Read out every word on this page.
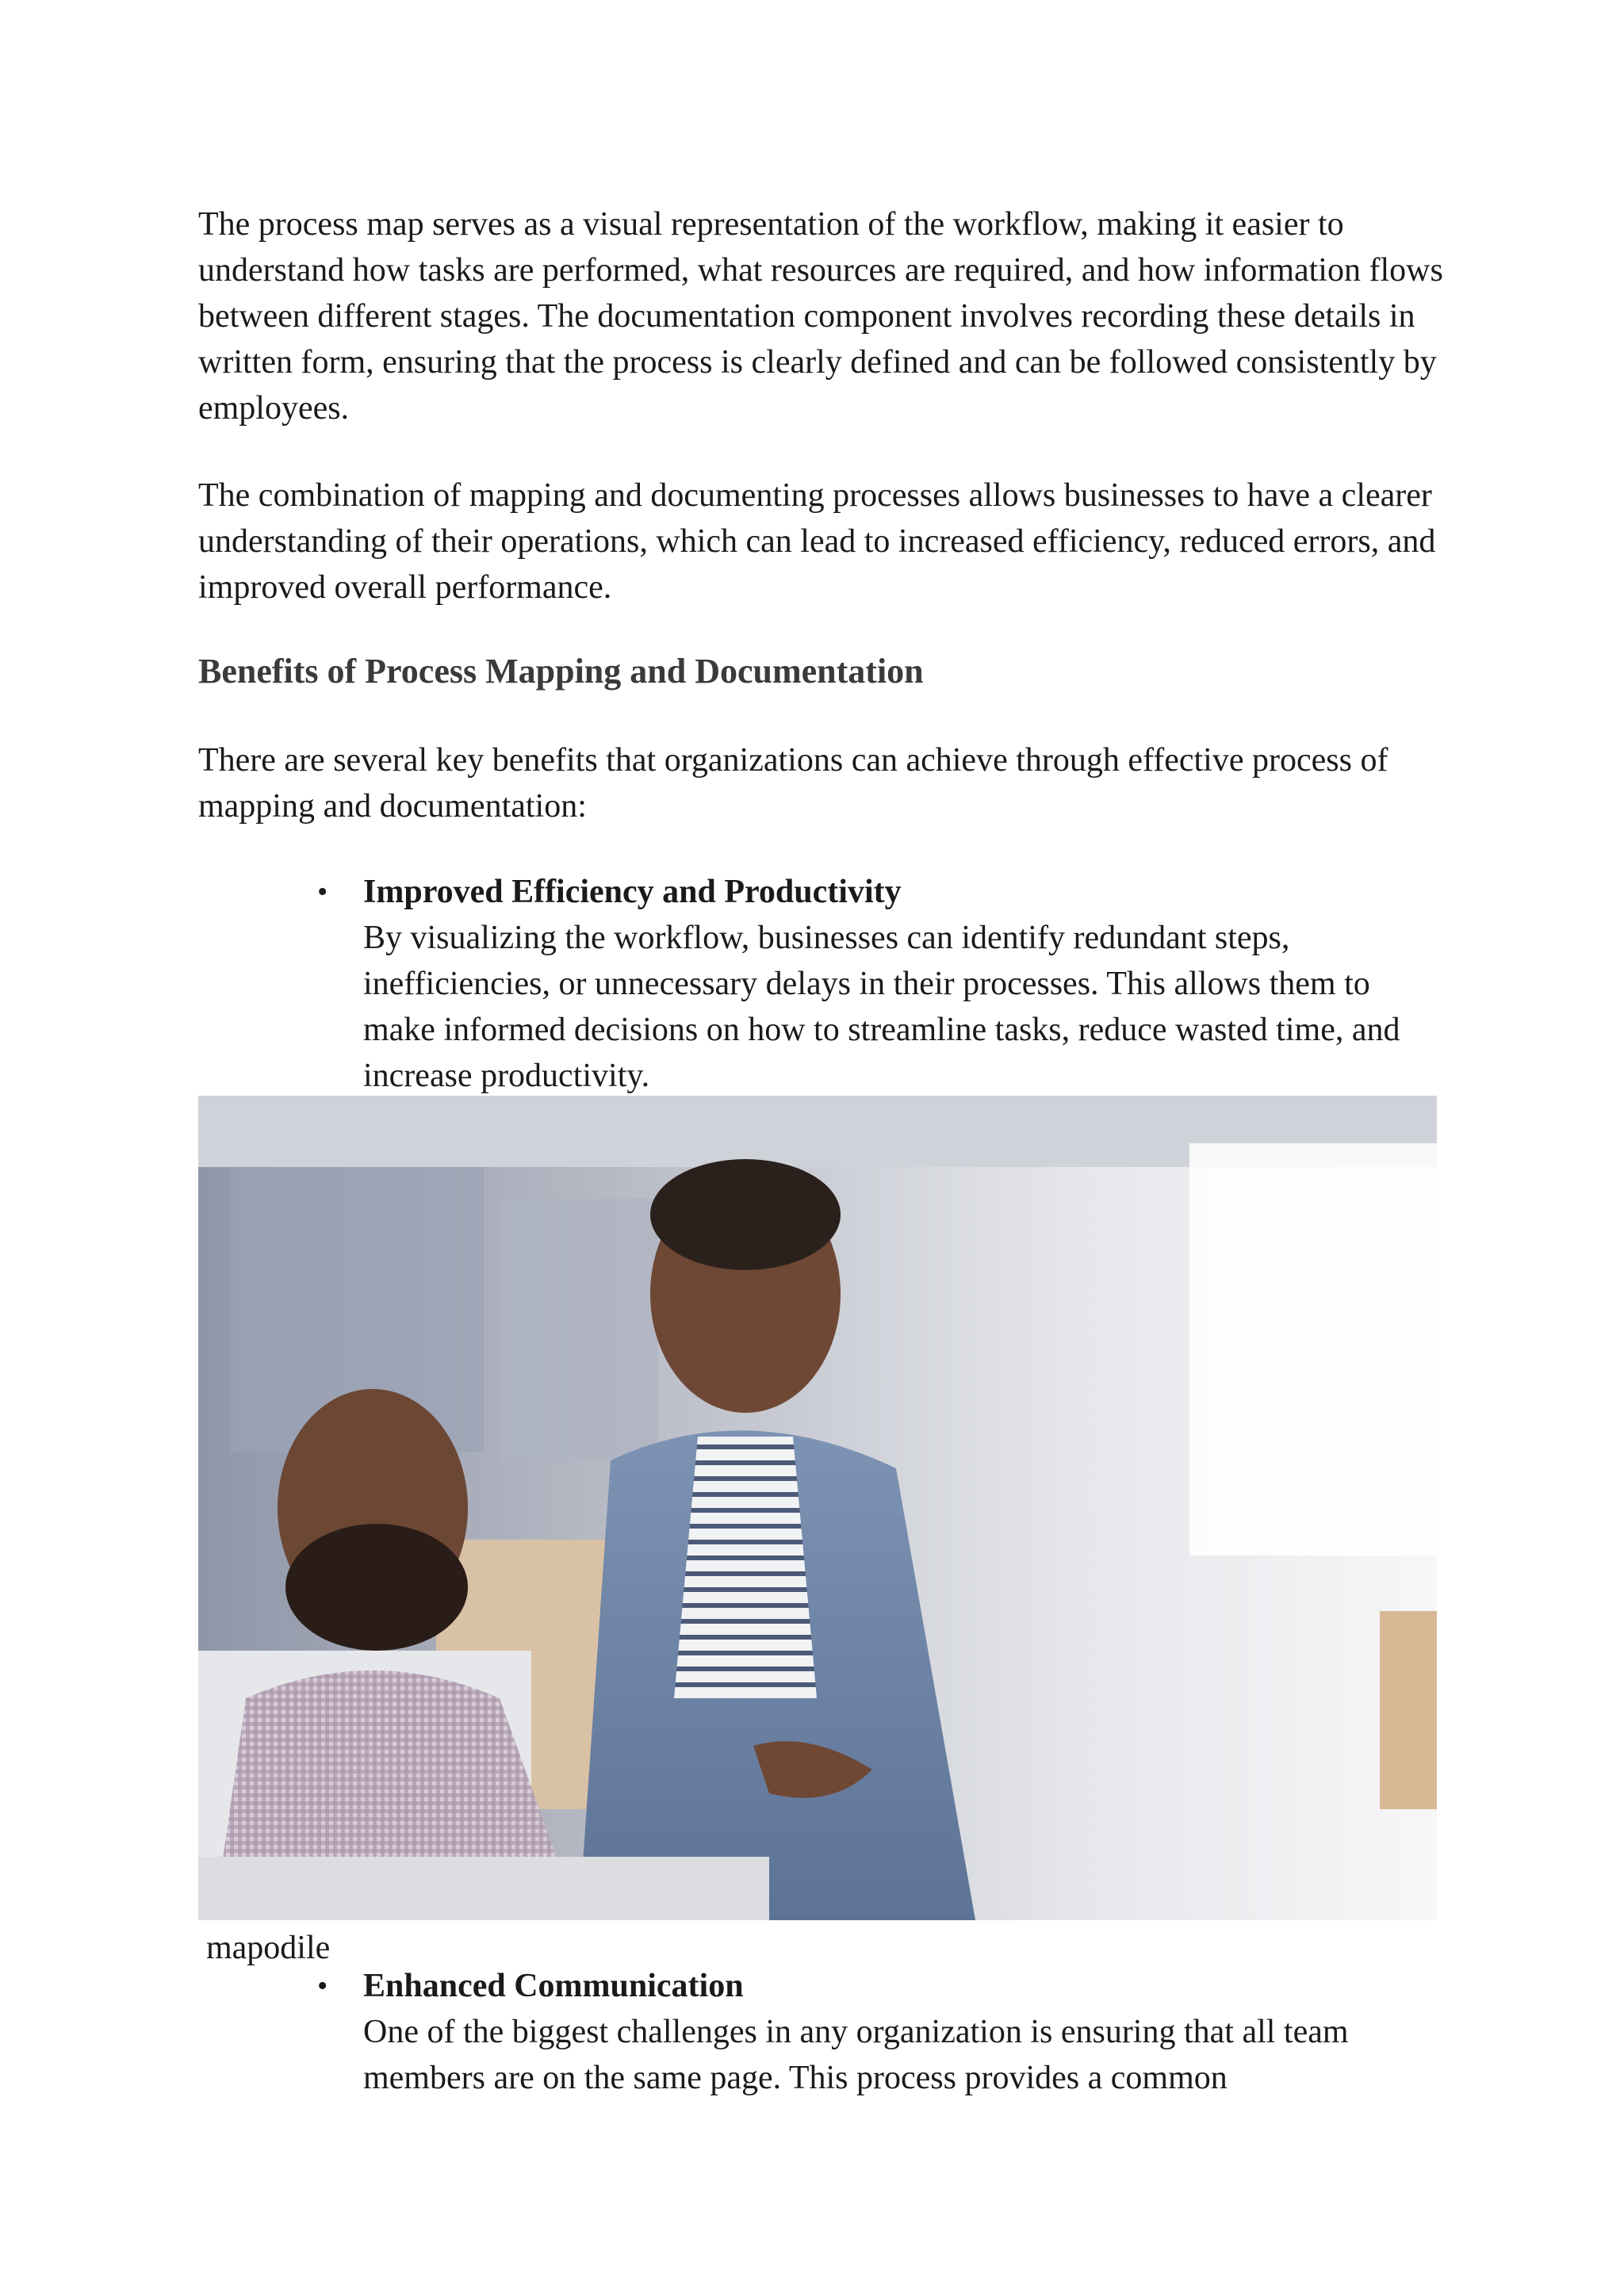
The process map serves as a visual representation of the workflow, making it easier to understand how tasks are performed, what resources are required, and how information flows between different stages. The documentation component involves recording these details in written form, ensuring that the process is clearly defined and can be followed consistently by employees.

The combination of mapping and documenting processes allows businesses to have a clearer understanding of their operations, which can lead to increased efficiency, reduced errors, and improved overall performance.

Benefits of Process Mapping and Documentation

There are several key benefits that organizations can achieve through effective process of mapping and documentation:

• Improved Efficiency and Productivity
By visualizing the workflow, businesses can identify redundant steps, inefficiencies, or unnecessary delays in their processes. This allows them to make informed decisions on how to streamline tasks, reduce wasted time, and increase productivity.
mapodile
• Enhanced Communication
One of the biggest challenges in any organization is ensuring that all team members are on the same page. This process provides a common
